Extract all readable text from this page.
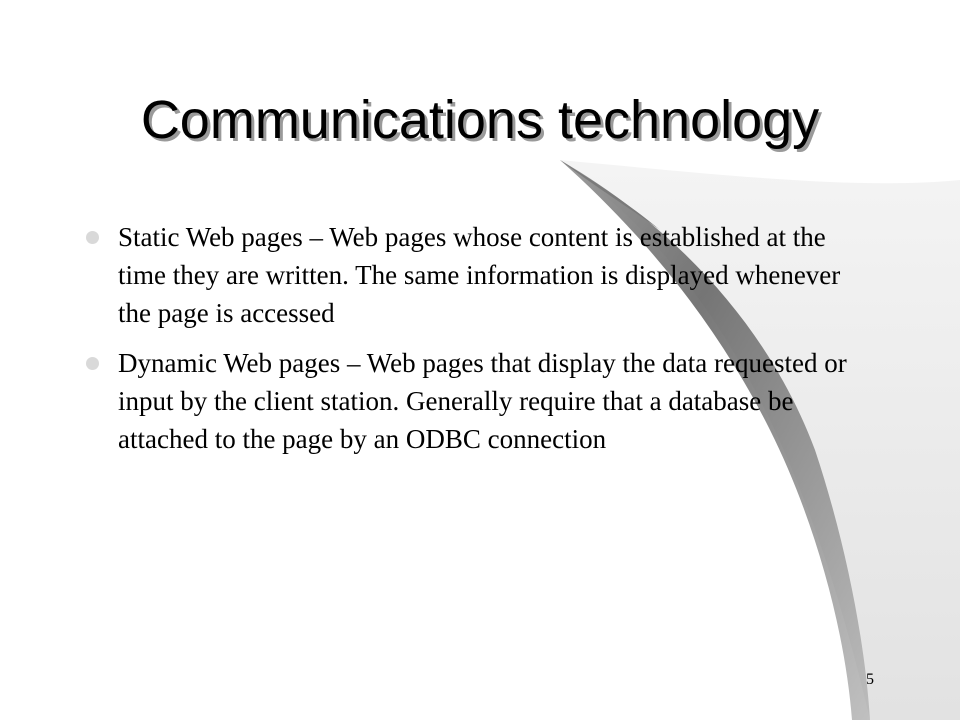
Communications technology
Static Web pages – Web pages whose content is established at the time they are written. The same information is displayed whenever the page is accessed
Dynamic Web pages – Web pages that display the data requested or input by the client station. Generally require that a database be attached to the page by an ODBC connection
5
